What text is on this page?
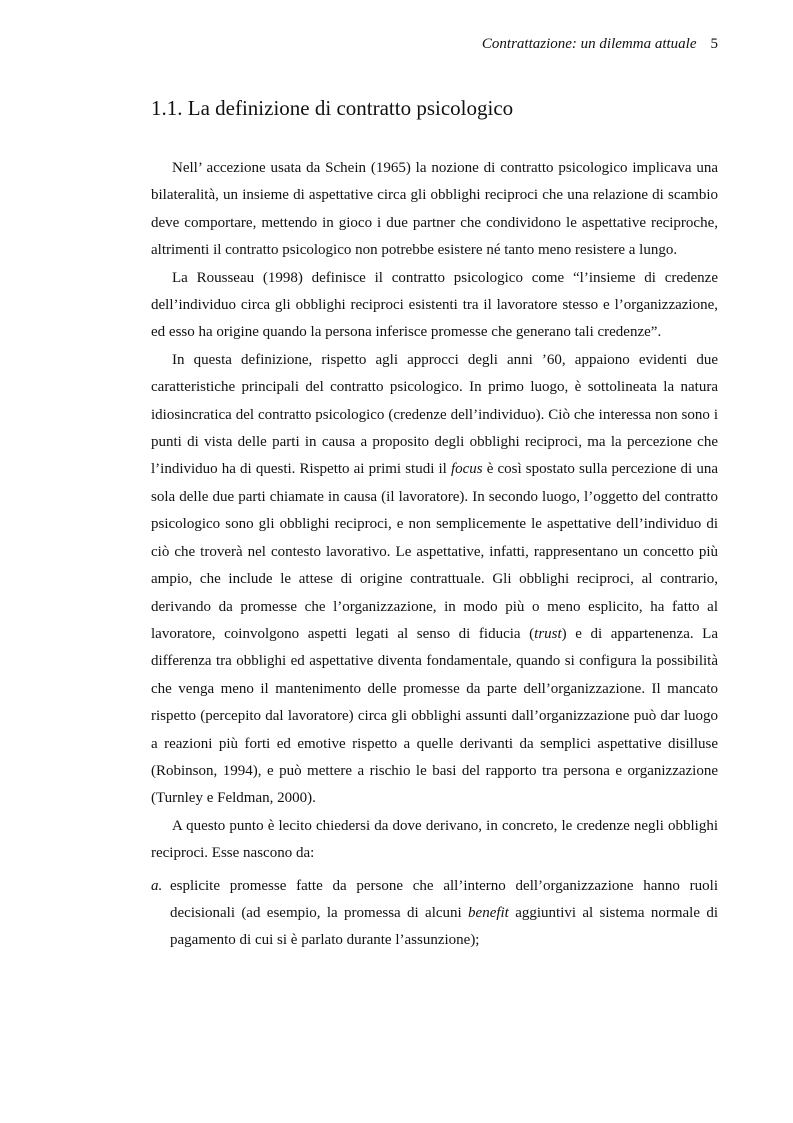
Contrattazione: un dilemma attuale 5
1.1. La definizione di contratto psicologico

Nell’ accezione usata da Schein (1965) la nozione di contratto psicologico implicava una bilateralità, un insieme di aspettative circa gli obblighi reciproci che una relazione di scambio deve comportare, mettendo in gioco i due partner che condividono le aspettative reciproche, altrimenti il contratto psicologico non potrebbe esistere né tanto meno resistere a lungo.

La Rousseau (1998) definisce il contratto psicologico come “l’insieme di credenze dell’individuo circa gli obblighi reciproci esistenti tra il lavoratore stesso e l’organizzazione, ed esso ha origine quando la persona inferisce promesse che generano tali credenze”.

In questa definizione, rispetto agli approcci degli anni ’60, appaiono evidenti due caratteristiche principali del contratto psicologico. In primo luogo, è sottolineata la natura idiosincratica del contratto psicologico (credenze dell’individuo). Ciò che interessa non sono i punti di vista delle parti in causa a proposito degli obblighi reciproci, ma la percezione che l’individuo ha di questi. Rispetto ai primi studi il focus è così spostato sulla percezione di una sola delle due parti chiamate in causa (il lavoratore). In secondo luogo, l’oggetto del contratto psicologico sono gli obblighi reciproci, e non semplicemente le aspettative dell’individuo di ciò che troverà nel contesto lavorativo. Le aspettative, infatti, rappresentano un concetto più ampio, che include le attese di origine contrattuale. Gli obblighi reciproci, al contrario, derivando da promesse che l’organizzazione, in modo più o meno esplicito, ha fatto al lavoratore, coinvolgono aspetti legati al senso di fiducia (trust) e di appartenenza. La differenza tra obblighi ed aspettative diventa fondamentale, quando si configura la possibilità che venga meno il mantenimento delle promesse da parte dell’organizzazione. Il mancato rispetto (percepito dal lavoratore) circa gli obblighi assunti dall’organizzazione può dar luogo a reazioni più forti ed emotive rispetto a quelle derivanti da semplici aspettative disilluse (Robinson, 1994), e può mettere a rischio le basi del rapporto tra persona e organizzazione (Turnley e Feldman, 2000).

A questo punto è lecito chiedersi da dove derivano, in concreto, le credenze negli obblighi reciproci. Esse nascono da:

a. esplicite promesse fatte da persone che all’interno dell’organizzazione hanno ruoli decisionali (ad esempio, la promessa di alcuni benefit aggiuntivi al sistema normale di pagamento di cui si è parlato durante l’assunzione);
